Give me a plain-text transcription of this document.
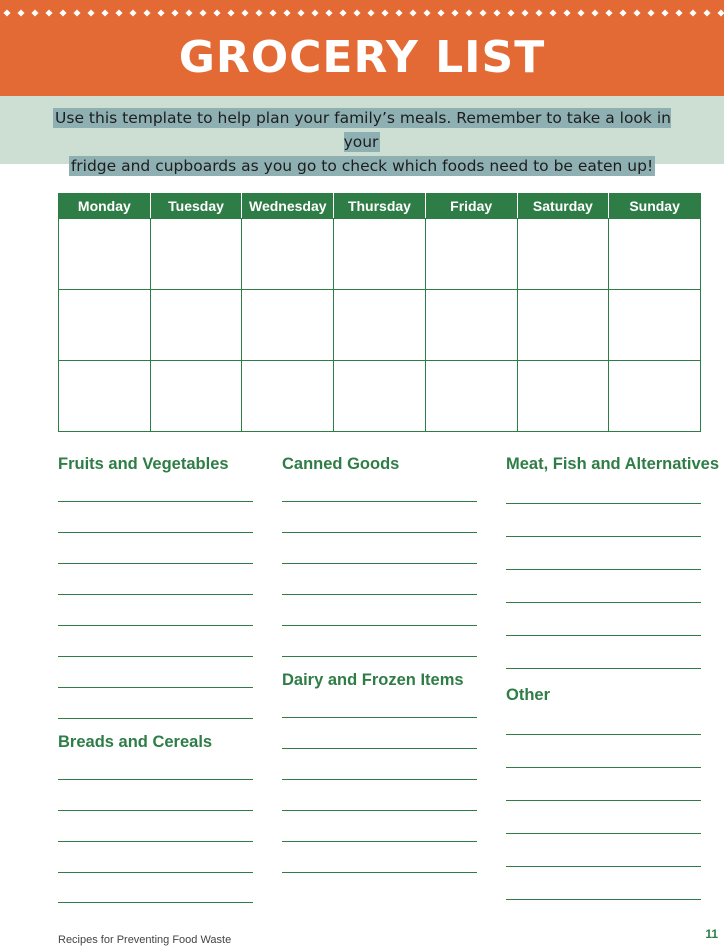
GROCERY LIST
Use this template to help plan your family’s meals. Remember to take a look in your
fridge and cupboards as you go to check which foods need to be eaten up!
Monday	Tuesday	Wednesday	Thursday	Friday	Saturday	Sunday

Fruits and Vegetables
Breads and Cereals
Canned Goods
Dairy and Frozen Items
Meat, Fish and Alternatives
Other
Recipes for Preventing Food Waste	11
